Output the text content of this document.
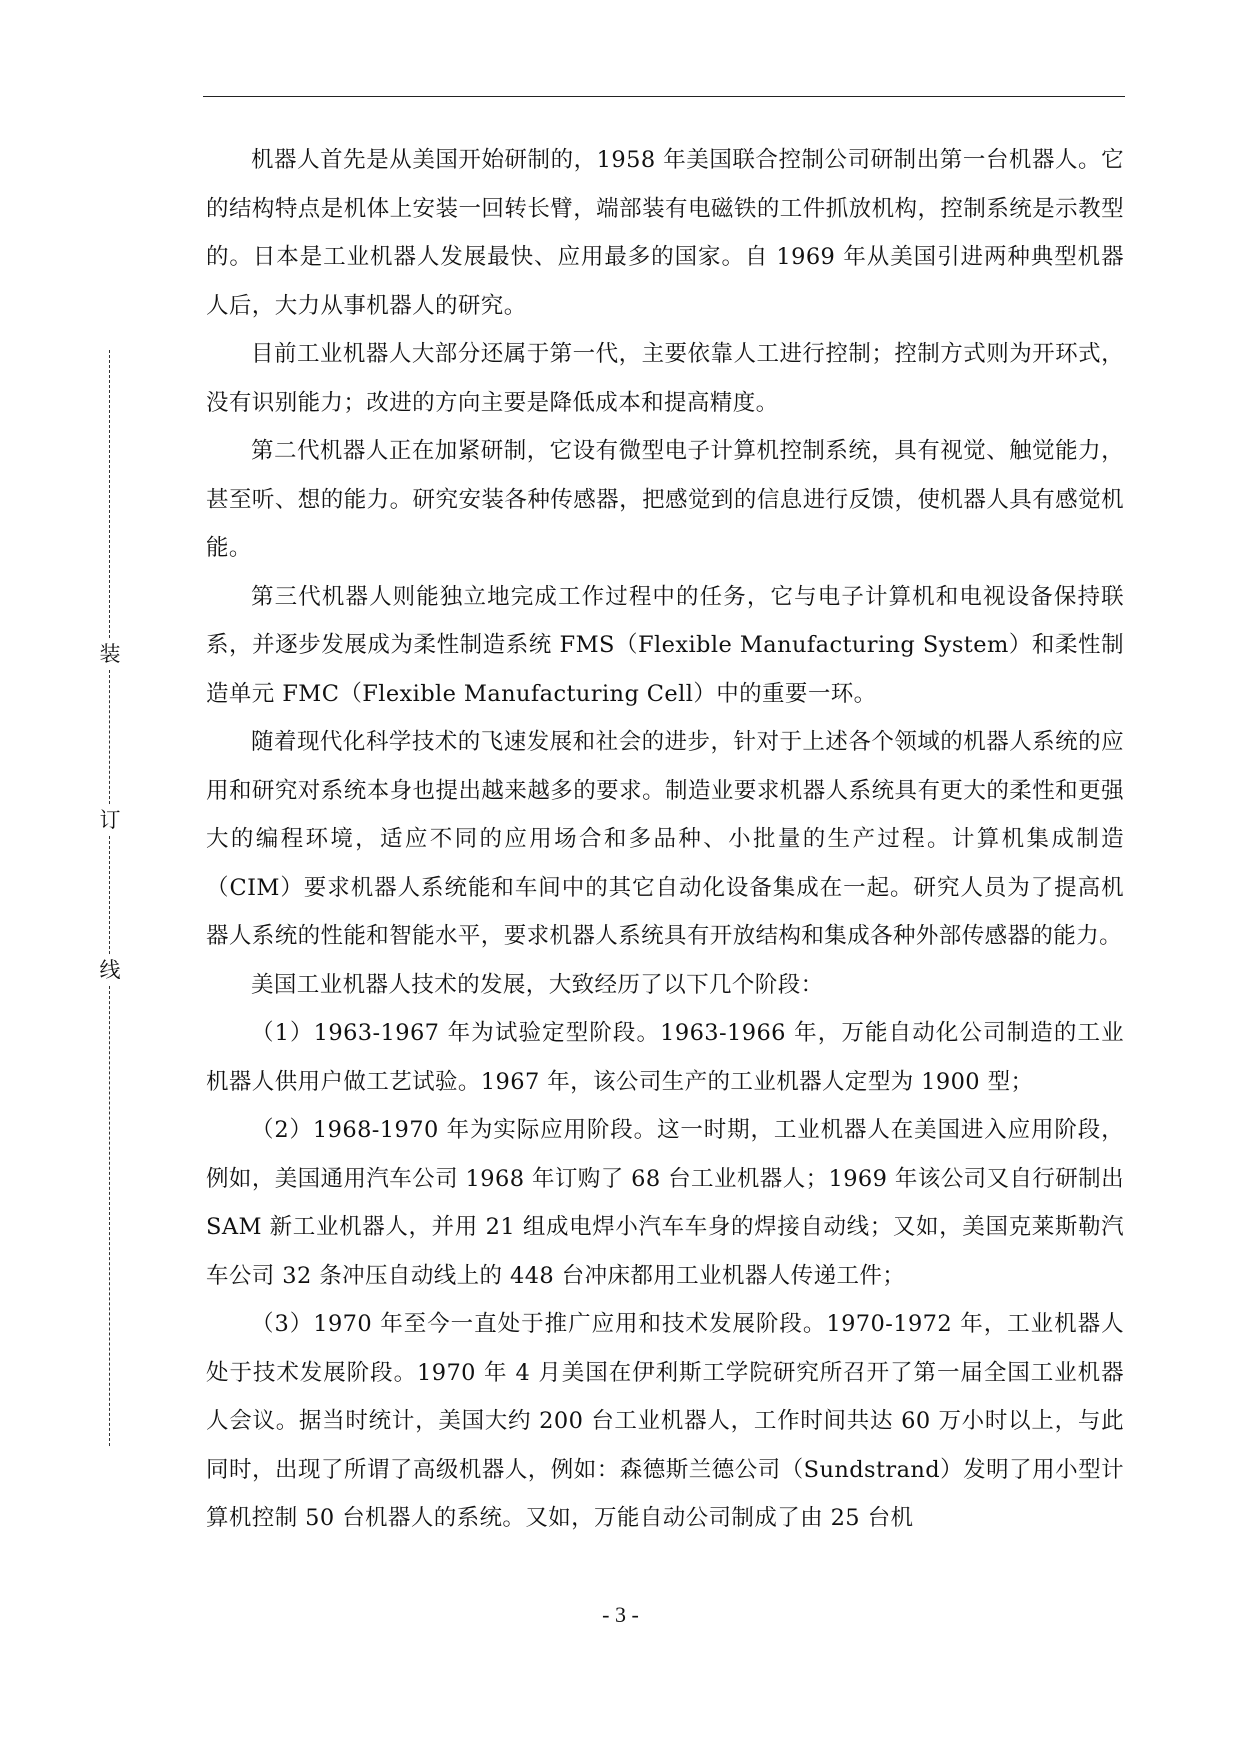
装
订
线

机器人首先是从美国开始研制的，1958 年美国联合控制公司研制出第一台机器人。它的结构特点是机体上安装一回转长臂，端部装有电磁铁的工件抓放机构，控制系统是示教型的。日本是工业机器人发展最快、应用最多的国家。自 1969 年从美国引进两种典型机器人后，大力从事机器人的研究。

目前工业机器人大部分还属于第一代，主要依靠人工进行控制；控制方式则为开环式，没有识别能力；改进的方向主要是降低成本和提高精度。

第二代机器人正在加紧研制，它设有微型电子计算机控制系统，具有视觉、触觉能力，甚至听、想的能力。研究安装各种传感器，把感觉到的信息进行反馈，使机器人具有感觉机能。

第三代机器人则能独立地完成工作过程中的任务，它与电子计算机和电视设备保持联系，并逐步发展成为柔性制造系统 FMS（Flexible Manufacturing System）和柔性制造单元 FMC（Flexible Manufacturing Cell）中的重要一环。

随着现代化科学技术的飞速发展和社会的进步，针对于上述各个领域的机器人系统的应用和研究对系统本身也提出越来越多的要求。制造业要求机器人系统具有更大的柔性和更强大的编程环境，适应不同的应用场合和多品种、小批量的生产过程。计算机集成制造（CIM）要求机器人系统能和车间中的其它自动化设备集成在一起。研究人员为了提高机器人系统的性能和智能水平，要求机器人系统具有开放结构和集成各种外部传感器的能力。

美国工业机器人技术的发展，大致经历了以下几个阶段：

（1）1963-1967 年为试验定型阶段。1963-1966 年，万能自动化公司制造的工业机器人供用户做工艺试验。1967 年，该公司生产的工业机器人定型为 1900 型；

（2）1968-1970 年为实际应用阶段。这一时期，工业机器人在美国进入应用阶段，例如，美国通用汽车公司 1968 年订购了 68 台工业机器人；1969 年该公司又自行研制出 SAM 新工业机器人，并用 21 组成电焊小汽车车身的焊接自动线；又如，美国克莱斯勒汽车公司 32 条冲压自动线上的 448 台冲床都用工业机器人传递工件；

（3）1970 年至今一直处于推广应用和技术发展阶段。1970-1972 年，工业机器人处于技术发展阶段。1970 年 4 月美国在伊利斯工学院研究所召开了第一届全国工业机器人会议。据当时统计，美国大约 200 台工业机器人，工作时间共达 60 万小时以上，与此同时，出现了所谓了高级机器人，例如：森德斯兰德公司（Sundstrand）发明了用小型计算机控制 50 台机器人的系统。又如，万能自动公司制成了由 25 台机

- 3 -
